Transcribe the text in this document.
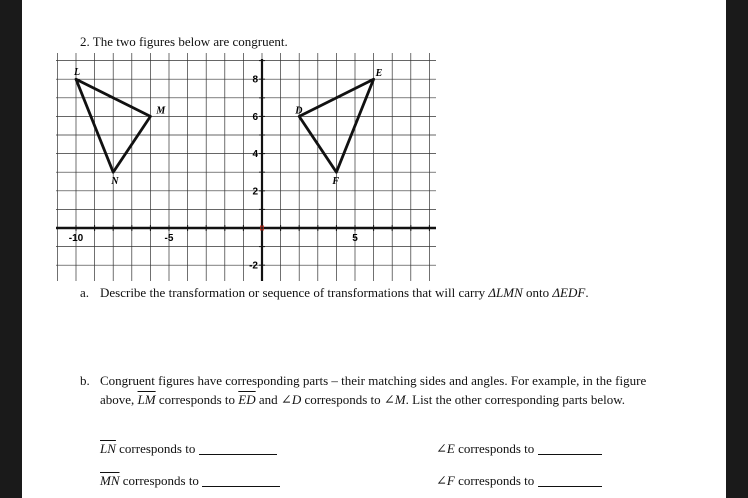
2. The two figures below are congruent.
-10	-5	5
8
6
4
2
-2
L
M
N
E
D
F
a. Describe the transformation or sequence of transformations that will carry ΔLMN onto ΔEDF.
b. Congruent figures have corresponding parts – their matching sides and angles. For example, in the figure above, $\overline{LM}$ corresponds to $\overline{ED}$ and ∠D corresponds to ∠M. List the other corresponding parts below.
$\overline{LN}$ corresponds to
$\overline{MN}$ corresponds to
∠E corresponds to
∠F corresponds to
